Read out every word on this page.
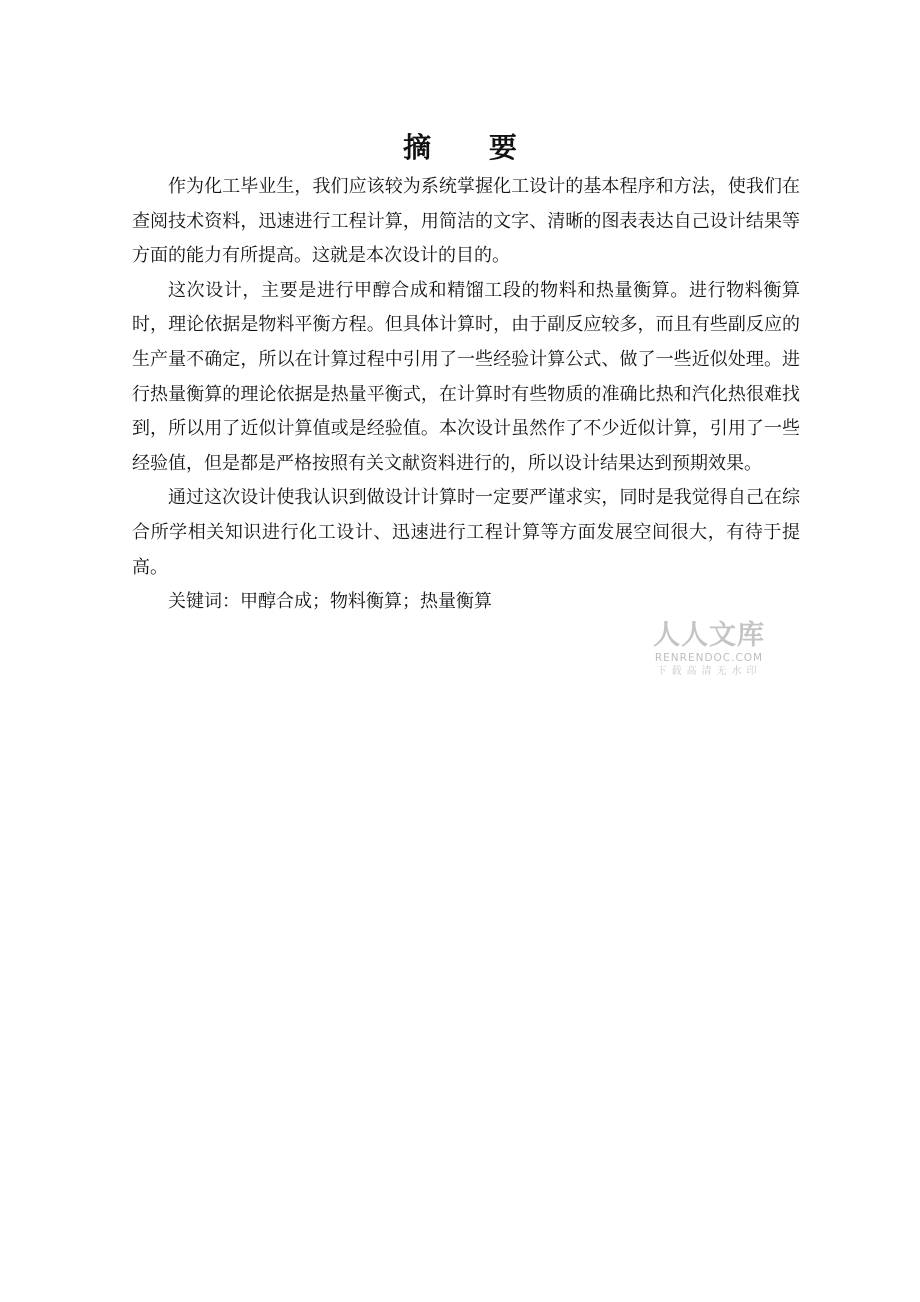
摘 要

作为化工毕业生，我们应该较为系统掌握化工设计的基本程序和方法，使我们在查阅技术资料，迅速进行工程计算，用简洁的文字、清晰的图表表达自己设计结果等方面的能力有所提高。这就是本次设计的目的。

这次设计，主要是进行甲醇合成和精馏工段的物料和热量衡算。进行物料衡算时，理论依据是物料平衡方程。但具体计算时，由于副反应较多，而且有些副反应的生产量不确定，所以在计算过程中引用了一些经验计算公式、做了一些近似处理。进行热量衡算的理论依据是热量平衡式，在计算时有些物质的准确比热和汽化热很难找到，所以用了近似计算值或是经验值。本次设计虽然作了不少近似计算，引用了一些经验值，但是都是严格按照有关文献资料进行的，所以设计结果达到预期效果。

通过这次设计使我认识到做设计计算时一定要严谨求实，同时是我觉得自己在综合所学相关知识进行化工设计、迅速进行工程计算等方面发展空间很大，有待于提高。

关键词：甲醇合成；物料衡算；热量衡算

人人文库
RENRENDOC.COM
下载高清无水印
